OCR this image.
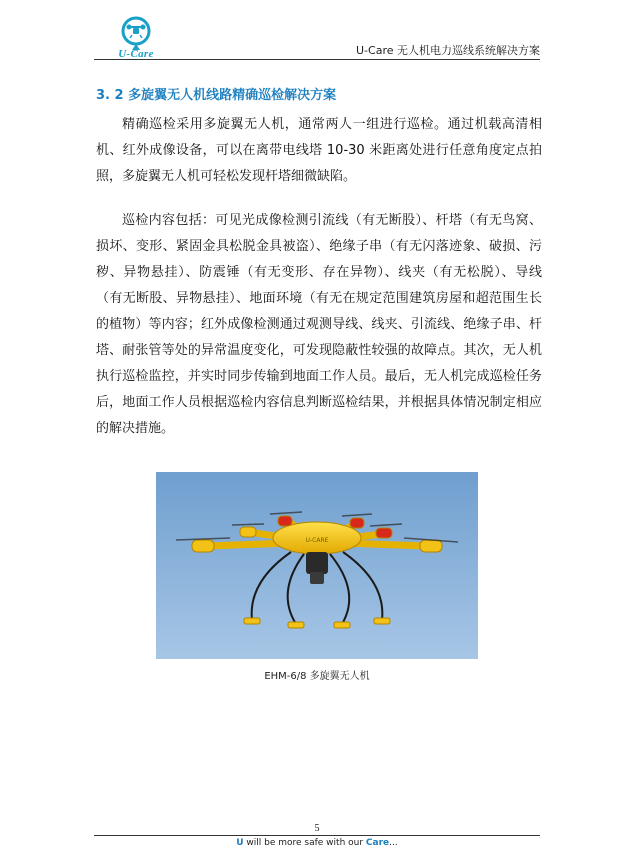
U-Care	U-Care 无人机电力巡线系统解决方案
3. 2 多旋翼无人机线路精确巡检解决方案

精确巡检采用多旋翼无人机，通常两人一组进行巡检。通过机载高清相机、红外成像设备，可以在离带电线塔 10-30 米距离处进行任意角度定点拍照，多旋翼无人机可轻松发现杆塔细微缺陷。

巡检内容包括：可见光成像检测引流线（有无断股）、杆塔（有无鸟窝、损坏、变形、紧固金具松脱金具被盗）、绝缘子串（有无闪落迹象、破损、污秽、异物悬挂）、防震锤（有无变形、存在异物）、线夹（有无松脱）、导线（有无断股、异物悬挂）、地面环境（有无在规定范围建筑房屋和超范围生长的植物）等内容；红外成像检测通过观测导线、线夹、引流线、绝缘子串、杆塔、耐张管等处的异常温度变化，可发现隐蔽性较强的故障点。其次，无人机执行巡检监控，并实时同步传输到地面工作人员。最后，无人机完成巡检任务后，地面工作人员根据巡检内容信息判断巡检结果，并根据具体情况制定相应的解决措施。

U-CARE
EHM-6/8 多旋翼无人机
5
U will be more safe with our Care...
